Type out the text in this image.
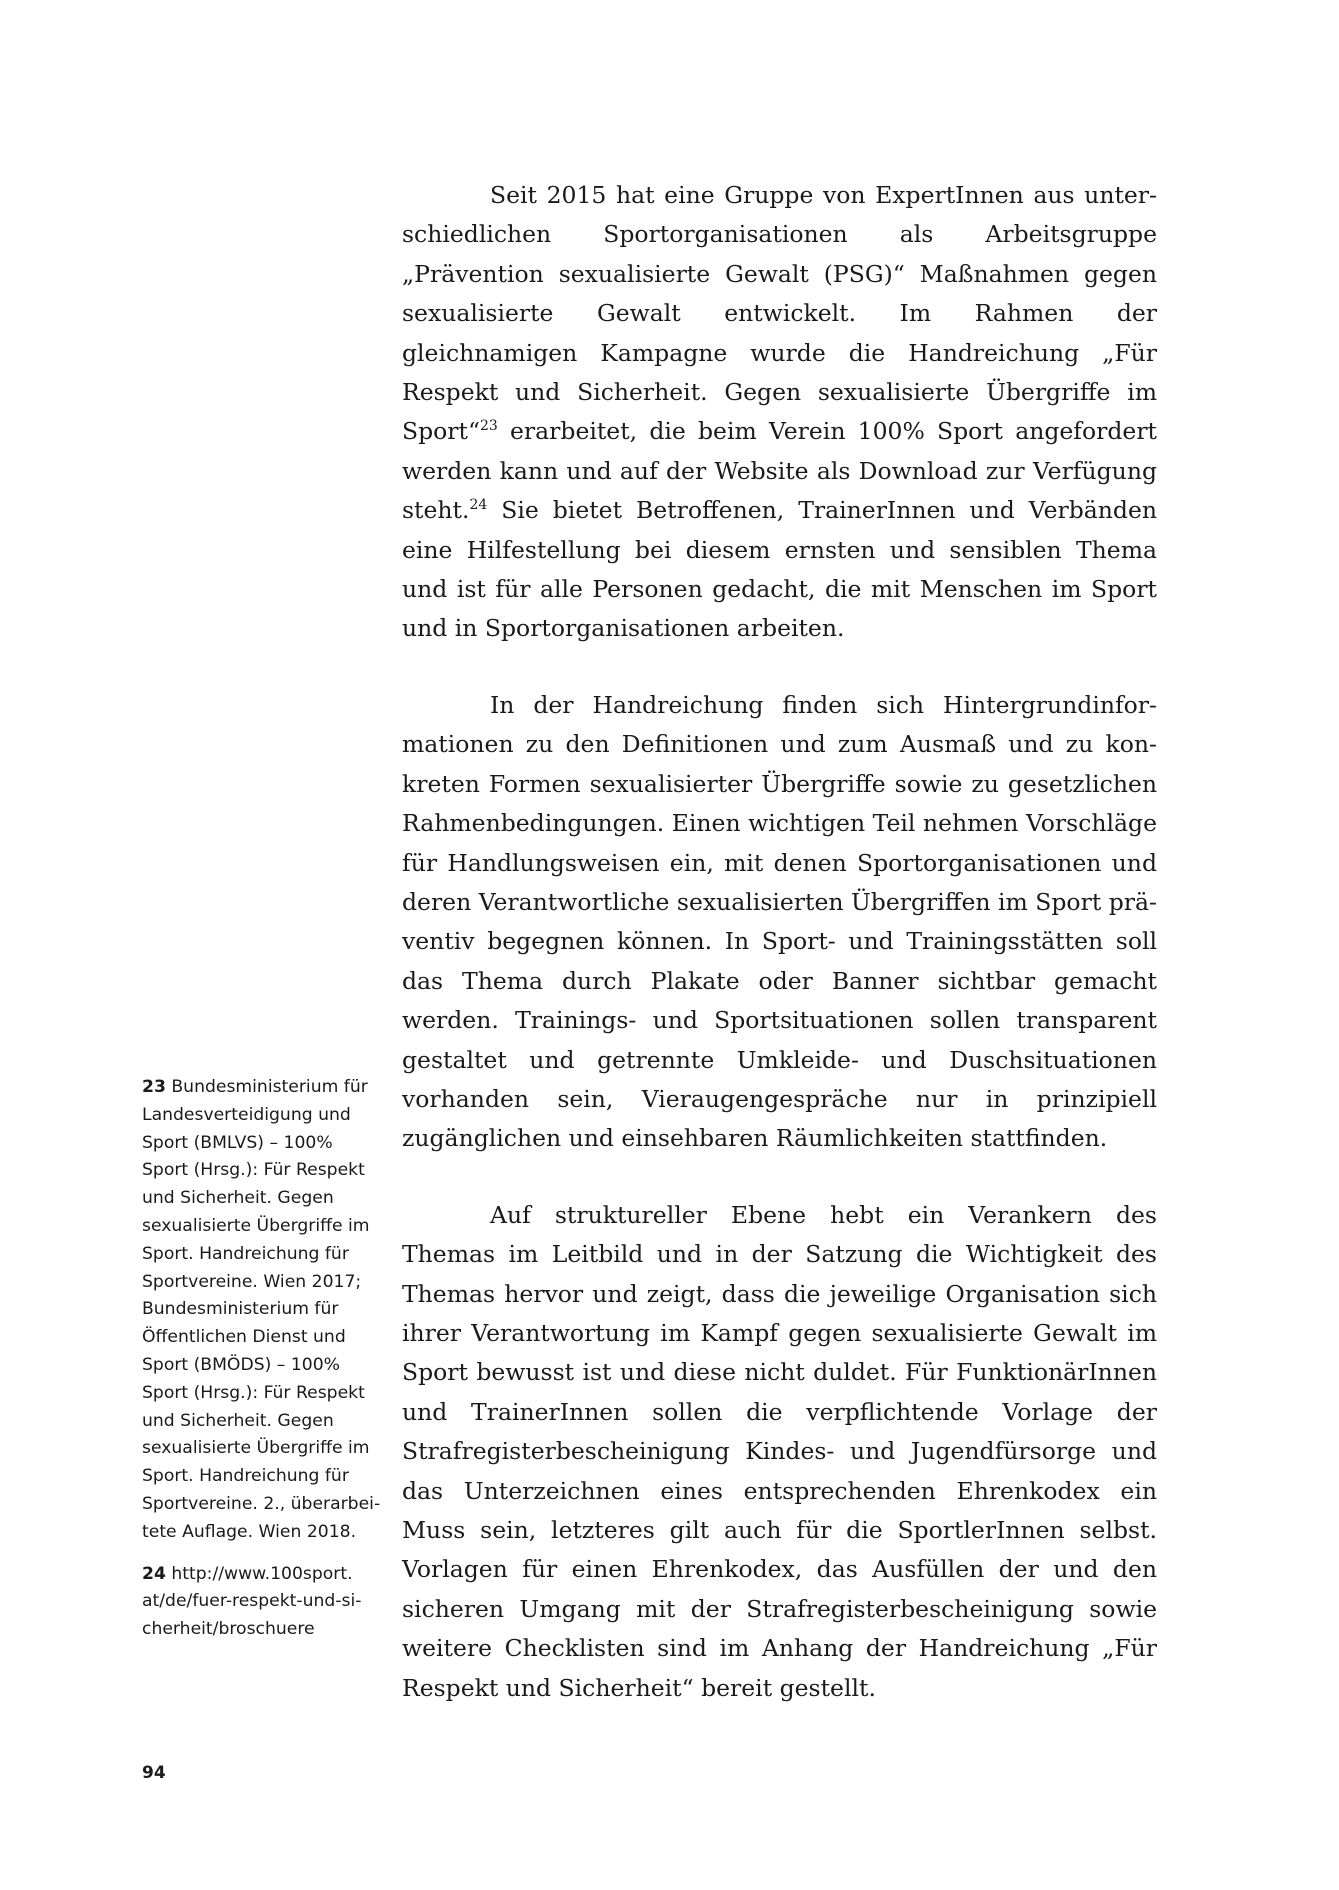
Seit 2015 hat eine Gruppe von ExpertInnen aus unterschiedlichen Sportorganisationen als Arbeitsgruppe „Prävention sexualisierte Gewalt (PSG)“ Maßnahmen gegen sexualisierte Gewalt entwickelt. Im Rahmen der gleichnamigen Kampagne wurde die Handreichung „Für Respekt und Sicherheit. Gegen sexualisierte Übergriffe im Sport“$^{23}$ erarbeitet, die beim Verein 100% Sport angefordert werden kann und auf der Website als Download zur Verfügung steht.$^{24}$ Sie bietet Betroffenen, TrainerInnen und Verbänden eine Hilfestellung bei diesem ernsten und sensiblen Thema und ist für alle Personen gedacht, die mit Menschen im Sport und in Sportorganisationen arbeiten.

In der Handreichung finden sich Hintergrundinformationen zu den Definitionen und zum Ausmaß und zu konkreten Formen sexualisierter Übergriffe sowie zu gesetzlichen Rahmenbedingungen. Einen wichtigen Teil nehmen Vorschläge für Handlungsweisen ein, mit denen Sportorganisationen und deren Verantwortliche sexualisierten Übergriffen im Sport präventiv begegnen können. In Sport- und Trainingsstätten soll das Thema durch Plakate oder Banner sichtbar gemacht werden. Trainings- und Sportsituationen sollen transparent gestaltet und getrennte Umkleide- und Duschsituationen vorhanden sein, Vieraugengespräche nur in prinzipiell zugänglichen und einsehbaren Räumlichkeiten stattfinden.

Auf struktureller Ebene hebt ein Verankern des Themas im Leitbild und in der Satzung die Wichtigkeit des Themas hervor und zeigt, dass die jeweilige Organisation sich ihrer Verantwortung im Kampf gegen sexualisierte Gewalt im Sport bewusst ist und diese nicht duldet. Für FunktionärInnen und TrainerInnen sollen die verpflichtende Vorlage der Strafregisterbescheinigung Kindes- und Jugendfürsorge und das Unterzeichnen eines entsprechenden Ehrenkodex ein Muss sein, letzteres gilt auch für die SportlerInnen selbst. Vorlagen für einen Ehrenkodex, das Ausfüllen der und den sicheren Umgang mit der Strafregisterbescheinigung sowie weitere Checklisten sind im Anhang der Handreichung „Für Respekt und Sicherheit“ bereit gestellt.

23 Bundesministerium für Landesverteidigung und Sport (BMLVS) – 100% Sport (Hrsg.): Für Respekt und Sicherheit. Gegen sexualisierte Übergriffe im Sport. Handreichung für Sportvereine. Wien 2017; Bundesministerium für Öffentlichen Dienst und Sport (BMÖDS) – 100% Sport (Hrsg.): Für Respekt und Sicherheit. Gegen sexualisierte Übergriffe im Sport. Handreichung für Sportvereine. 2., überarbeitete Auflage. Wien 2018.
24 http://www.100sport.​at/de/fuer-respekt-und-sicherheit/broschuere
94
